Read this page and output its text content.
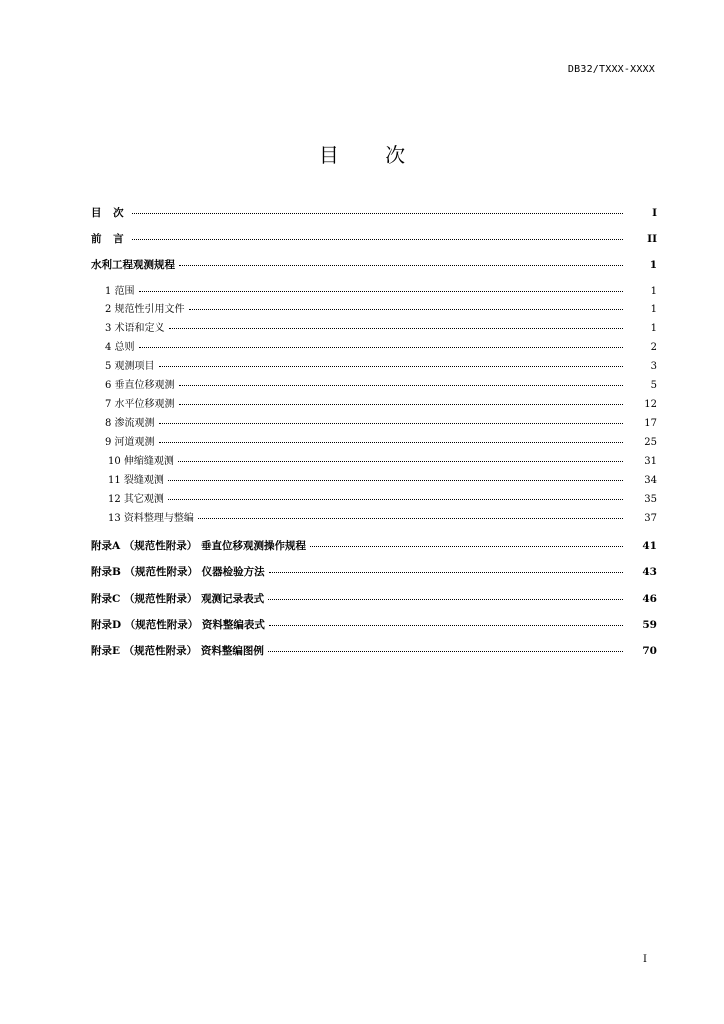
DB32/TXXX-XXXX
目 次
目 次	I
前 言	II
水利工程观测规程	1
1 范围	1
2 规范性引用文件	1
3 术语和定义	1
4 总则	2
5 观测项目	3
6 垂直位移观测	5
7 水平位移观测	12
8 渗流观测	17
9 河道观测	25
10 伸缩缝观测	31
11 裂缝观测	34
12 其它观测	35
13 资料整理与整编	37
附录A （规范性附录） 垂直位移观测操作规程	41
附录B （规范性附录） 仪器检验方法	43
附录C （规范性附录） 观测记录表式	46
附录D （规范性附录） 资料整编表式	59
附录E （规范性附录） 资料整编图例	70
I
